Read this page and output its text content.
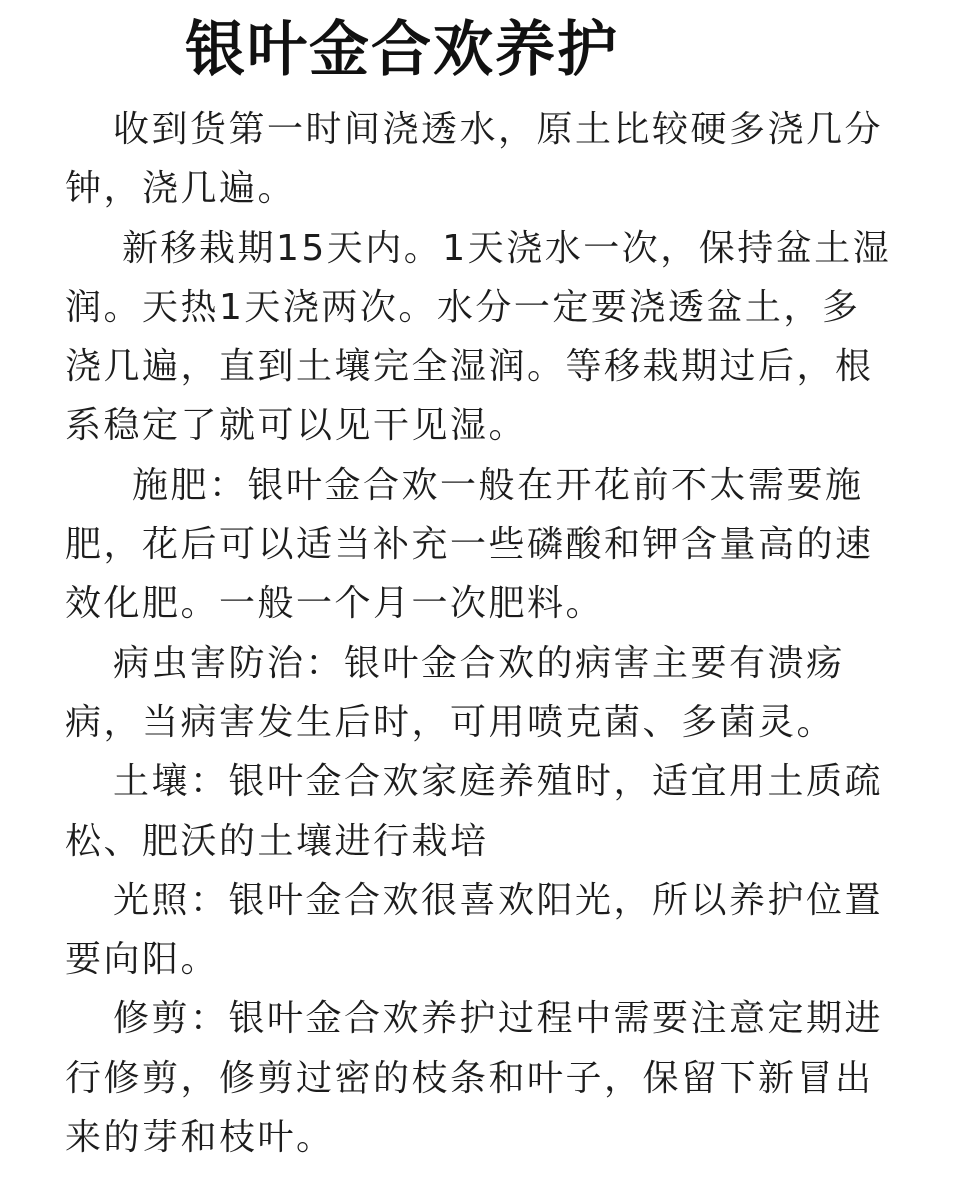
银叶金合欢养护
收到货第一时间浇透水，原土比较硬多浇几分
钟，浇几遍。
新移栽期15天内。1天浇水一次，保持盆土湿
润。天热1天浇两次。水分一定要浇透盆土，多
浇几遍，直到土壤完全湿润。等移栽期过后，根
系稳定了就可以见干见湿。
施肥：银叶金合欢一般在开花前不太需要施
肥，花后可以适当补充一些磷酸和钾含量高的速
效化肥。一般一个月一次肥料。
病虫害防治：银叶金合欢的病害主要有溃疡
病，当病害发生后时，可用喷克菌、多菌灵。
土壤：银叶金合欢家庭养殖时，适宜用土质疏
松、肥沃的土壤进行栽培
光照：银叶金合欢很喜欢阳光，所以养护位置
要向阳。
修剪：银叶金合欢养护过程中需要注意定期进
行修剪，修剪过密的枝条和叶子，保留下新冒出
来的芽和枝叶。
